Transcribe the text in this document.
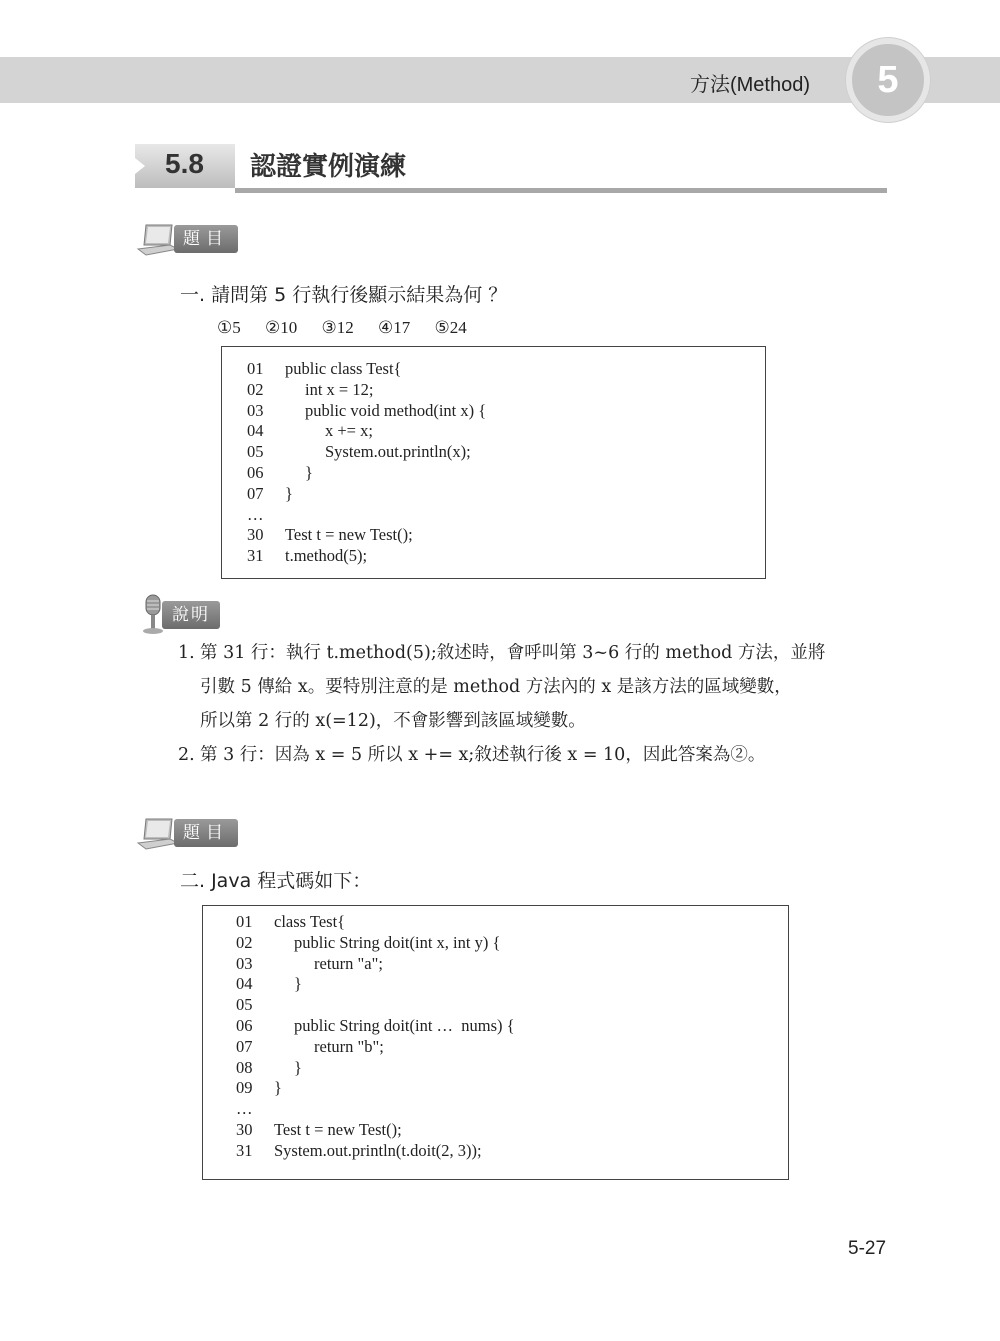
方法(Method)	5
5.8 認證實例演練
題目
一. 請問第 5 行執行後顯示結果為何 ？
①5 ②10 ③12 ④17 ⑤24
01 public class Test{
02	int x = 12;
03	public void method(int x) {
04	x += x;
05	System.out.println(x);
06	}
07 }
…
30 Test t = new Test();
31 t.method(5);
說明
1. 第 31 行：執行 t.method(5);敘述時，會呼叫第 3~6 行的 method 方法，並將

引數 5 傳給 x。要特別注意的是 method 方法內的 x 是該方法的區域變數，

所以第 2 行的 x(=12)，不會影響到該區域變數。

2. 第 3 行：因為 x = 5 所以 x += x;敘述執行後 x = 10，因此答案為②。

題目
二. Java 程式碼如下：
01 class Test{
02	public String doit(int x, int y) {
03	return "a";
04	}
05
06	public String doit(int …  nums) {
07	return "b";
08	}
09 }
…
30 Test t = new Test();
31 System.out.println(t.doit(2, 3));
5-27
